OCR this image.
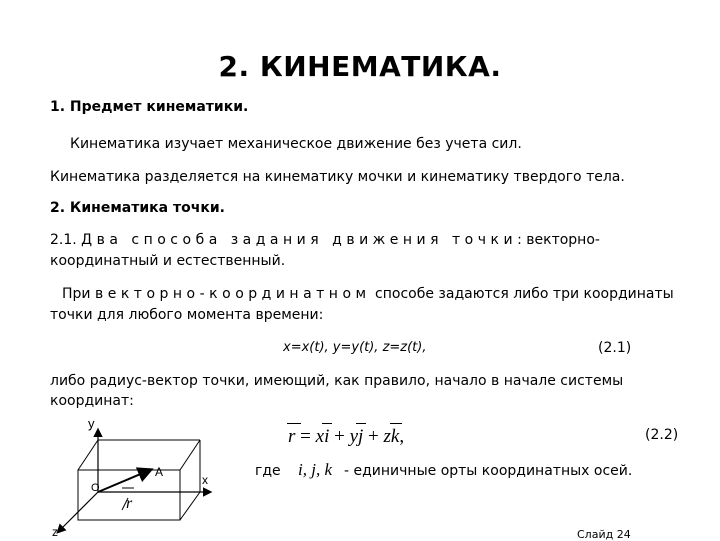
2. КИНЕМАТИКА.
1. Предмет кинематики.
Кинематика изучает механическое движение без учета сил.
Кинематика разделяется на кинематику мочки и кинематику твердого тела.
2. Кинематика точки.
2.1. Два способа задания движения точки: векторно-
координатный и естественный.
При векторно-координатном способе задаются либо три координаты
точки для любого момента времени:
x=x(t), y=y(t), z=z(t),	(2.1)
либо радиус-вектор точки, имеющий, как правило, начало в начале системы
координат:
r = x
i + y
j + z
k,	(2.2)
где i, j, k - единичные орты координатных осей.
y
x
z
O
A
r
Слайд 24
